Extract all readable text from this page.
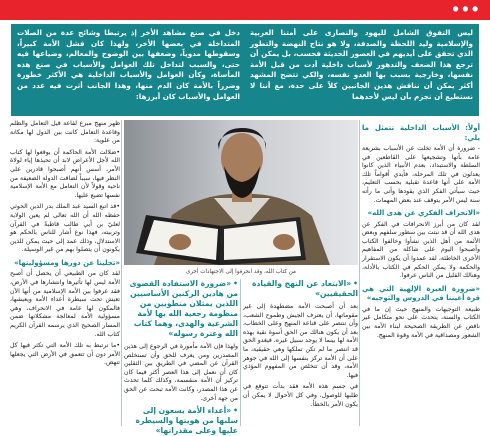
...
ليس التفوق الشامل لليهود والنصارى على أمتنا العربية والإسلامية وليد اللحظة والصدفة، ولا هو نتاج النهضة والتطور الذي تحقق على أيديهم في العصور الحديثة فحسب، بل يمكن أن ترجع هذا الضعف والتدهور لأسباب داخلية أدت من قبل الأمة نفسها، وخارجية بسبب بها العدو نفسه، والكي تتضح المشهد أكثر يمكن أن نناقش هذين الجانبين كلاً على حدة، مع أننا لا نستطيع أن نجزم بأن ليس لأحدهما
دخل في صنع مشاهد الأخر إذ يرتبطا وشائج عدة من الصلات المتداخلة في بعضها الأخر، ولهذا كان فشل الأمة كبيراً، وسقوطها مدوياً، وضعفها بين الوضوح والمعالم، وضياعها فيه حتى، والسبب لتداخل تلك العوامل والأسباب في صنع هذه المأساة، وكأن العوامل والأسباب الداخلية هي الأكثر خطورة وضرراً بالأمة كان الدم منها، وهذا الجانب أثرت فيه عدد من العوامل والأسباب كان أبرزها:
أولاً: الأسباب الداخلية تتمثل ما يلي:

- ضرورة أن الأمة تخلت عن الأسباب بشريعة عامة بأنها وتشجيعها على القاطعين في السلطة والاستبداد، بعدم الأنبياء الذين كانوا يعدلون في تلك المرحلة، فأيدي أقواماً تلك الأمة على أنها قاعدة تقبلية بحسب التعليم، حيث سيأتي الفكر الذي يقودها وأتى ما رأته سنة ليس الأمر يتوقف عند بعض المهمات.

«الانحراف الفكري عن هدى الله»

لقد كان من أبرز الانحرافات في الفكر عن هدى الله أن قد نبتت بين سطور سلفهم وبعض الأئمة من أهل الذين نشأوا وخالفوا الكتاب وأصبحوا اليوم على شاكلة من المفاهيم الأخرى الخاطئة، لقد عمدوا أن يكون الاستقرار والحكمة ولا يمكن الحكم في الكتاب بالأدلة، وهنالك القليل من الناس عرفوا.

«ضرورة العبرة الإلهية التي هي قرة أعيننا في الدروس والتوجيه»

طبيعة التوجيهات والمنهج حيث إن ما في الكتاب والسنة، يتحدث على نحو متكامل غير ناقص عن الطريقة الصحيحة لبناء الأمة بين الشعور ومصداقية في الأمة وقوة المنهج.

من كتاب الله، وقد انحرفوا إلى الاجتهادات أخرى
• «الابتعاد عن النهج والقيادة الحقيقيين»

بعد أن أصبحت الأمة مضطهدة إلى غير مقوماتها، أن يعترف الجيش وطموح الشعب، وأن تنتصر على قناعة المنهج وعلى الخطاب، بعد أن يكون هنالك من الحق أسوة نقية بهذه الأمة لها بينما لا يوجد سبيل غيره، فيغدو الحق قد انتصر ما لم تكن تملكها وهي حقيقية، ما على أن الأمة تركز بنفسها إلى الله في جوهر الأمة، وقد أن تتخلص من المفهوم المؤذي فيها.

في جسم هذه الأمة فقد بدأت تتوقع في طلبها للوصول، وفي كل الأحوال لا يمكن أن يكون الأمر بالخطأ.

• «ضرورة الاستفادة القصوى من هادين الركنين الأساسيين اللذين يمثلان منطويين من منظومة رجعية الله بها لأمة الشرعية والهدى، وهما كتاب الله وعترة رسوله»

ولهذا فإن الأمة مأمورة في الرجوع إلى هذين المصدرين ومن يعرف للحق وأن تستخلص القرآن عن المضي في الطريق بين الثقلين كان أن نعمل إلى هذا العصر أكثر فيما كان تركيز أن الأمة منقسمة، وكذلك كلما تحدث عن هذا المصدر، وكانت الأمة تبحث عن الحق من جهة أخرى.

• «أعداء الأمة يسعون إلى سلبها من هويتها والسيطرة عليها وعلى مقدراتها»

ظهر منهج مبرع لقاعة قيل التعامل والظلم وقاعدة التعامل كانت بين الدول لها مكانة من علوية:

•ضلالت الأمة الحاكمة أن يوقعوا لها كتاب الله لأجل الأعراض لابد أن تحبذها إياء لولاة الأمر، أسس أنهم أصبحوا قادرين على النظر فيها، سبباً لضاقت الدولة الضعيفة من ناحية وقولاً لأن التعامل مع الأمة الإسلامية نفسها تضيع عليها.

•قد اتبع السيد عبد الملك بدر الدين الحوثي حفظه الله أن الله تعالى لم يعين الولاية لعليّ بن أبي طالب قاطبةً في القرآن وتربيته، فهذا نوع أشار للناس بالحكم هو الاستدلال، وذلك عمد إلى حيث يمكن للذين يكونون أن يتصلوا بهم من غير الوسيلة.

«تخلينا عن دورها ومسؤوليتها»

لقد كان من الطبيعي أن يحصل أن أصبح الأمة ليس لها تأثيرها وانتشارها في الأرض، فقد عرفوا بين الأمة الإسلامية من أنها الآن تعيش تحت سيطرة أعداء الأمة ويعيشها، فالمكون لها عامة في الانحراف، وهي مسؤولية الأمة لمعالجة مشكلاتها ضمن المسار الصحيح الذي يرسمه القرآن الكريم كتاب الله.

•ما ترتبط به تلك الأمة التي تكثر فيها كل الأمر دون أن تتعمق في الأرض التي يجعلها تنهض.
